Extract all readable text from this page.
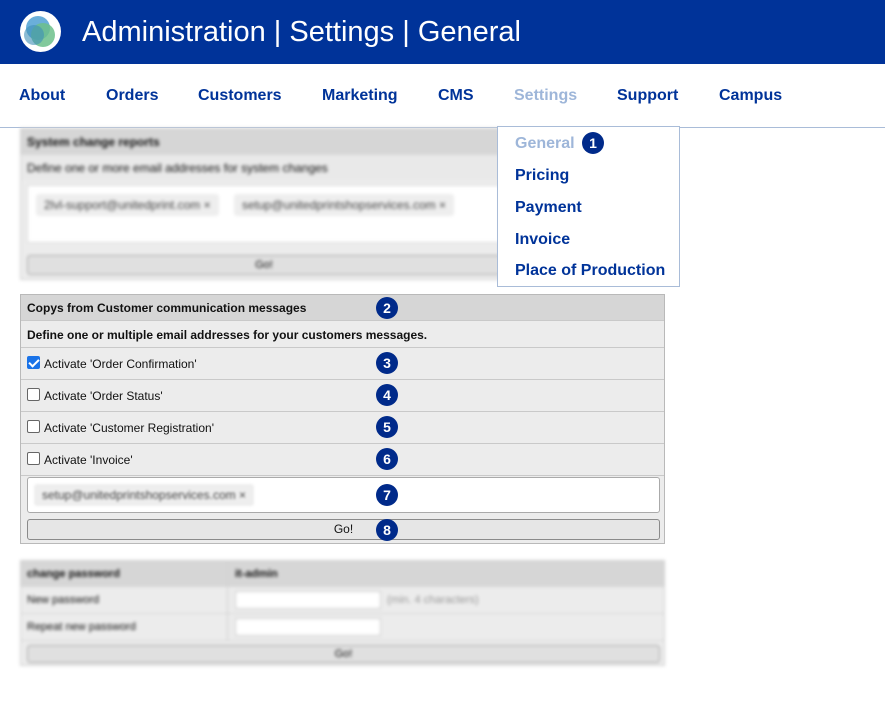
Administration | Settings | General
About	Orders Customers	Marketing	CMS	Settings Support	Campus
General
Pricing
Payment
Invoice
Place of Production
System change reports
Define one or more email addresses for system changes
2lvl-support@unitedprint.com ×	setup@unitedprintshopservices.com ×
Go!
Copys from Customer communication messages
Define one or multiple email addresses for your customers messages.
Activate 'Order Confirmation'
Activate 'Order Status'
Activate 'Customer Registration'
Activate 'Invoice'
setup@unitedprintshopservices.com ×
Go!
1
2
3
4
5
6
7
8
change password	it-admin
New password	(min. 4 characters)
Repeat new password
Go!
